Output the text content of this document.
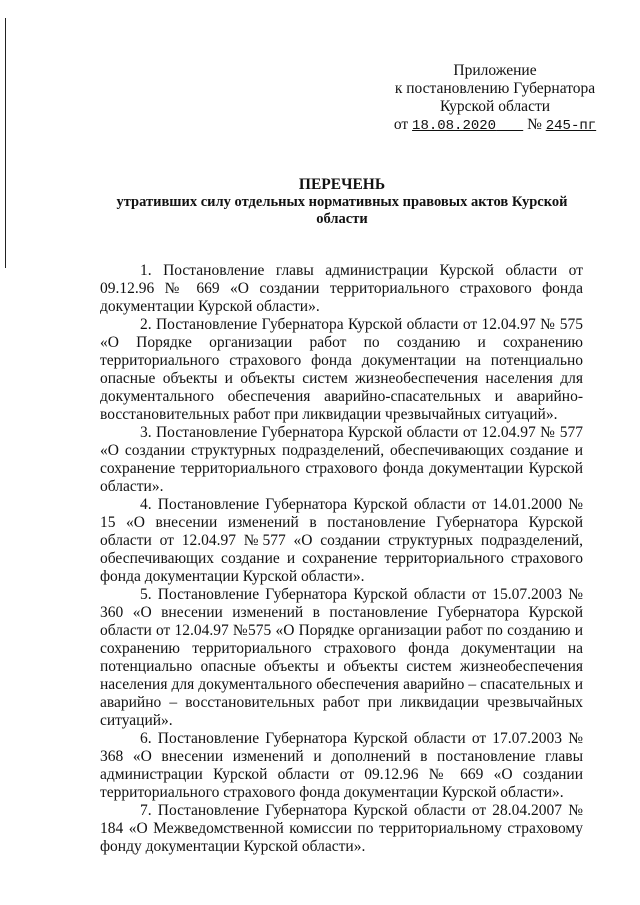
Приложение
к постановлению Губернатора
Курской области
от 18.08.2020 № 245-пг
ПЕРЕЧЕНЬ
утративших силу отдельных нормативных правовых актов Курской области

1. Постановление главы администрации Курской области от 09.12.96 № 669 «О создании территориального страхового фонда документации Курской области».

2. Постановление Губернатора Курской области от 12.04.97 № 575 «О Порядке организации работ по созданию и сохранению территориального страхового фонда документации на потенциально опасные объекты и объекты систем жизнеобеспечения населения для документального обеспечения аварийно-спасательных и аварийно-восстановительных работ при ликвидации чрезвычайных ситуаций».

3. Постановление Губернатора Курской области от 12.04.97 № 577 «О создании структурных подразделений, обеспечивающих создание и сохранение территориального страхового фонда документации Курской области».

4. Постановление Губернатора Курской области от 14.01.2000 № 15 «О внесении изменений в постановление Губернатора Курской области от 12.04.97 №577 «О создании структурных подразделений, обеспечивающих создание и сохранение территориального страхового фонда документации Курской области».

5. Постановление Губернатора Курской области от 15.07.2003 № 360 «О внесении изменений в постановление Губернатора Курской области от 12.04.97 №575 «О Порядке организации работ по созданию и сохранению территориального страхового фонда документации на потенциально опасные объекты и объекты систем жизнеобеспечения населения для документального обеспечения аварийно – спасательных и аварийно – восстановительных работ при ликвидации чрезвычайных ситуаций».

6. Постановление Губернатора Курской области от 17.07.2003 № 368 «О внесении изменений и дополнений в постановление главы администрации Курской области от 09.12.96 № 669 «О создании территориального страхового фонда документации Курской области».

7. Постановление Губернатора Курской области от 28.04.2007 № 184 «О Межведомственной комиссии по территориальному страховому фонду документации Курской области».
